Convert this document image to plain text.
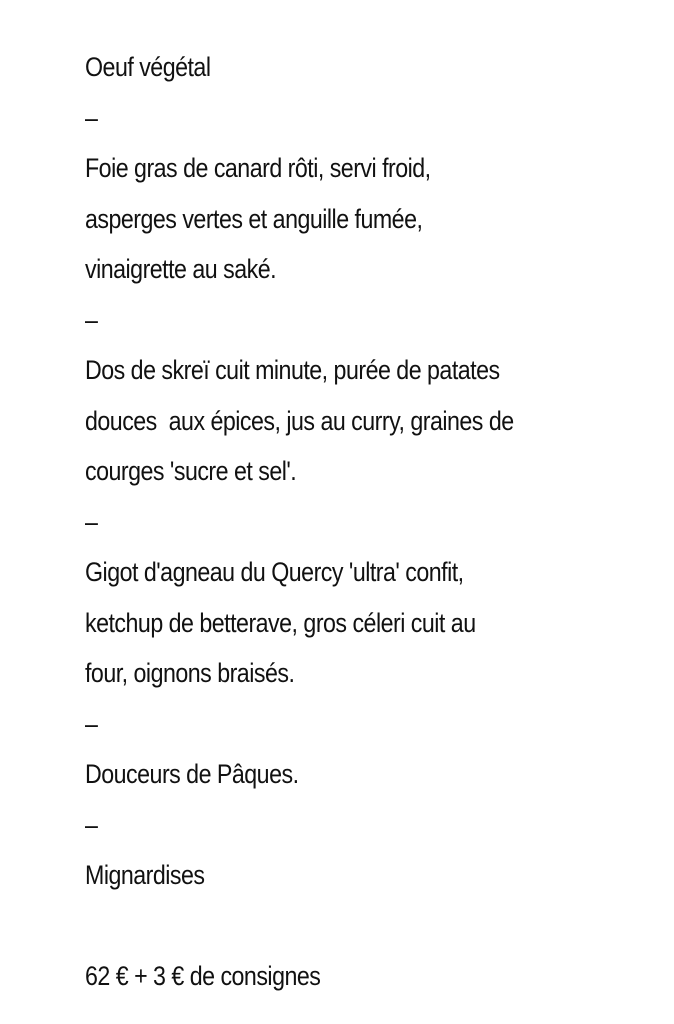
Oeuf végétal
–
Foie gras de canard rôti, servi froid,
asperges vertes et anguille fumée,
vinaigrette au saké.
–
Dos de skreï cuit minute, purée de patates
douces  aux épices, jus au curry, graines de
courges 'sucre et sel'.
–
Gigot d'agneau du Quercy 'ultra' confit,
ketchup de betterave, gros céleri cuit au
four, oignons braisés.
–
Douceurs de Pâques.
–
Mignardises
62 € + 3 € de consignes
